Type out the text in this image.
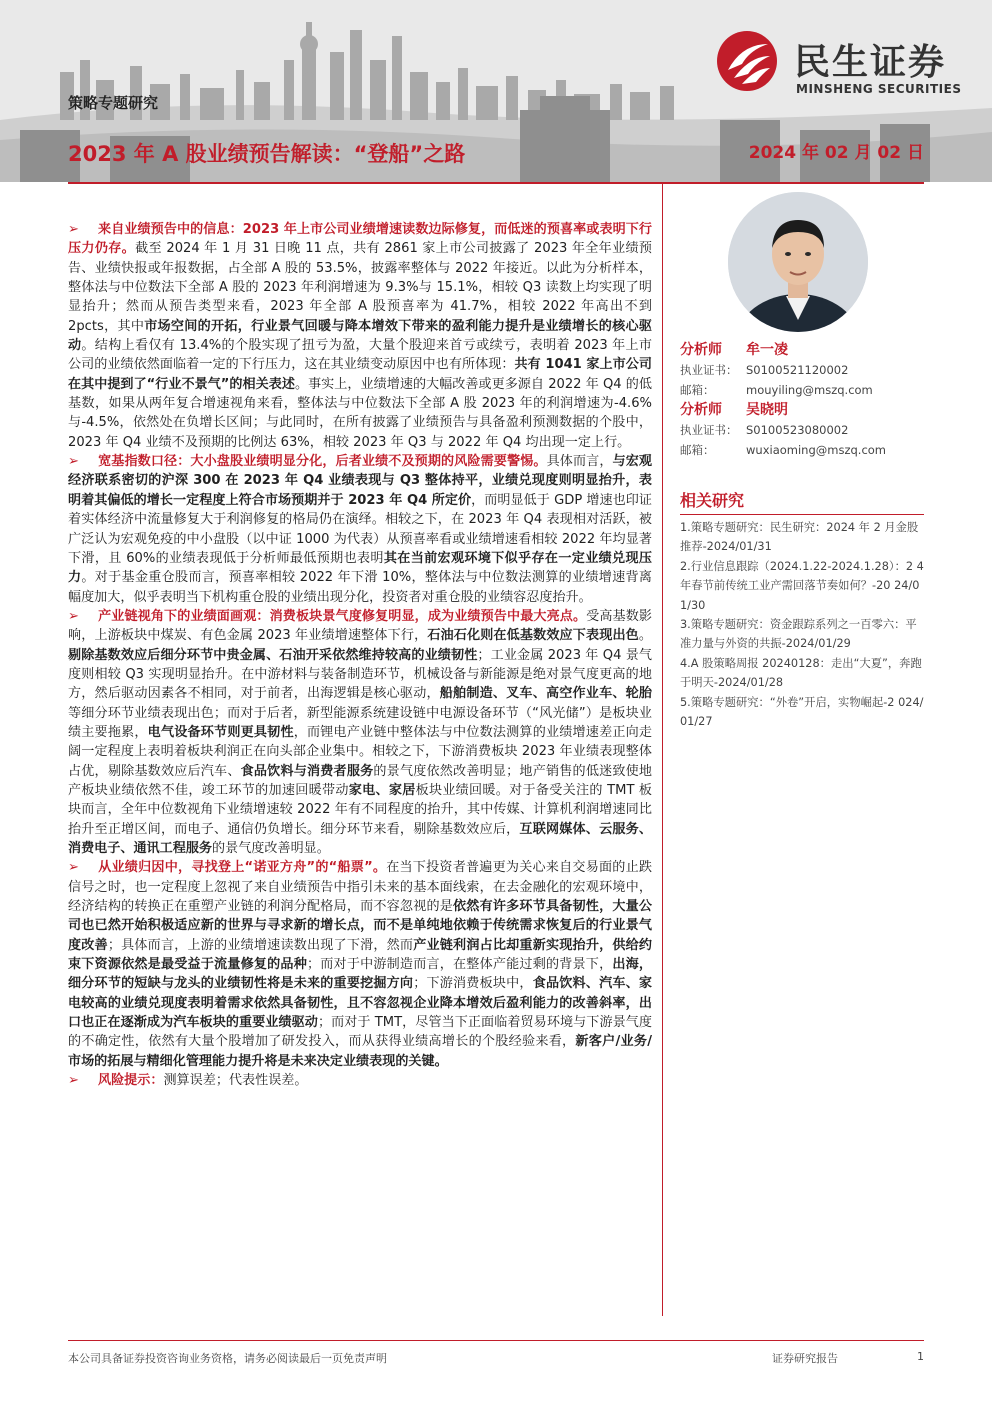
民生证券
MINSHENG SECURITIES
策略专题研究
2023 年 A 股业绩预告解读：“登船”之路	2024 年 02 月 02 日

➢ 来自业绩预告中的信息：2023 年上市公司业绩增速读数边际修复，而低迷的预喜率或表明下行压力仍存。截至 2024 年 1 月 31 日晚 11 点，共有 2861 家上市公司披露了 2023 年全年业绩预告、业绩快报或年报数据，占全部 A 股的 53.5%，披露率整体与 2022 年接近。以此为分析样本，整体法与中位数法下全部 A 股的 2023 年利润增速为 9.3%与 15.1%，相较 Q3 读数上均实现了明显抬升；然而从预告类型来看，2023 年全部 A 股预喜率为 41.7%，相较 2022 年高出不到 2pcts，其中市场空间的开拓，行业景气回暖与降本增效下带来的盈利能力提升是业绩增长的核心驱动。结构上看仅有 13.4%的个股实现了扭亏为盈，大量个股迎来首亏或续亏，表明着 2023 年上市公司的业绩依然面临着一定的下行压力，这在其业绩变动原因中也有所体现：共有 1041 家上市公司在其中提到了“行业不景气”的相关表述。事实上，业绩增速的大幅改善或更多源自 2022 年 Q4 的低基数，如果从两年复合增速视角来看，整体法与中位数法下全部 A 股 2023 年的利润增速为-4.6%与-4.5%，依然处在负增长区间；与此同时，在所有披露了业绩预告与具备盈利预测数据的个股中，2023 年 Q4 业绩不及预期的比例达 63%，相较 2023 年 Q3 与 2022 年 Q4 均出现一定上行。

➢ 宽基指数口径：大小盘股业绩明显分化，后者业绩不及预期的风险需要警惕。具体而言，与宏观经济联系密切的沪深 300 在 2023 年 Q4 业绩表现与 Q3 整体持平，业绩兑现度则明显抬升，表明着其偏低的增长一定程度上符合市场预期并于 2023 年 Q4 所定价，而明显低于 GDP 增速也印证着实体经济中流量修复大于利润修复的格局仍在演绎。相较之下，在 2023 年 Q4 表现相对活跃，被广泛认为宏观免疫的中小盘股（以中证 1000 为代表）从预喜率看或业绩增速看相较 2022 年均显著下滑，且 60%的业绩表现低于分析师最低预期也表明其在当前宏观环境下似乎存在一定业绩兑现压力。对于基金重仓股而言，预喜率相较 2022 年下滑 10%，整体法与中位数法测算的业绩增速背离幅度加大，似乎表明当下机构重仓股的业绩出现分化，投资者对重仓股的业绩容忍度抬升。

➢ 产业链视角下的业绩面画观：消费板块景气度修复明显，成为业绩预告中最大亮点。受高基数影响，上游板块中煤炭、有色金属 2023 年业绩增速整体下行，石油石化则在低基数效应下表现出色。剔除基数效应后细分环节中贵金属、石油开采依然维持较高的业绩韧性；工业金属 2023 年 Q4 景气度则相较 Q3 实现明显抬升。在中游材料与装备制造环节，机械设备与新能源是绝对景气度更高的地方，然后驱动因素各不相同，对于前者，出海逻辑是核心驱动，船舶制造、叉车、高空作业车、轮胎等细分环节业绩表现出色；而对于后者，新型能源系统建设链中电源设备环节（“风光储”）是板块业绩主要拖累，电气设备环节则更具韧性，而锂电产业链中整体法与中位数法测算的业绩增速差正向走阔一定程度上表明着板块利润正在向头部企业集中。相较之下，下游消费板块 2023 年业绩表现整体占优，剔除基数效应后汽车、食品饮料与消费者服务的景气度依然改善明显；地产销售的低迷致使地产板块业绩依然不佳，竣工环节的加速回暖带动家电、家居板块业绩回暖。对于备受关注的 TMT 板块而言，全年中位数视角下业绩增速较 2022 年有不同程度的抬升，其中传媒、计算机利润增速同比抬升至正增区间，而电子、通信仍负增长。细分环节来看，剔除基数效应后，互联网媒体、云服务、消费电子、通讯工程服务的景气度改善明显。

➢ 从业绩归因中，寻找登上“诺亚方舟”的“船票”。在当下投资者普遍更为关心来自交易面的止跌信号之时，也一定程度上忽视了来自业绩预告中指引未来的基本面线索，在去金融化的宏观环境中，经济结构的转换正在重塑产业链的利润分配格局，而不容忽视的是依然有许多环节具备韧性，大量公司也已然开始积极适应新的世界与寻求新的增长点，而不是单纯地依赖于传统需求恢复后的行业景气度改善；具体而言，上游的业绩增速读数出现了下滑，然而产业链利润占比却重新实现抬升，供给约束下资源依然是最受益于流量修复的品种；而对于中游制造而言，在整体产能过剩的背景下，出海，细分环节的短缺与龙头的业绩韧性将是未来的重要挖掘方向；下游消费板块中，食品饮料、汽车、家电较高的业绩兑现度表明着需求依然具备韧性，且不容忽视企业降本增效后盈利能力的改善斜率，出口也正在逐渐成为汽车板块的重要业绩驱动；而对于 TMT，尽管当下正面临着贸易环境与下游景气度的不确定性，依然有大量个股增加了研发投入，而从获得业绩高增长的个股经验来看，新客户/业务/市场的拓展与精细化管理能力提升将是未来决定业绩表现的关键。

➢ 风险提示：测算误差；代表性误差。

分析师 牟一凌
执业证书： S0100521120002
邮箱：	mouyiling@mszq.com
分析师 吴晓明
执业证书： S0100523080002
邮箱：	wuxiaoming@mszq.com
相关研究
1.策略专题研究：民生研究：2024 年 2 月金股推荐-2024/01/31
2.行业信息跟踪（2024.1.22-2024.1.28）：2 4 年春节前传统工业产需回落节奏如何？-20 24/01/30
3.策略专题研究：资金跟踪系列之一百零六：平准力量与外资的共振-2024/01/29
4.A 股策略周报 20240128：走出“大夏”，奔跑于明天-2024/01/28
5.策略专题研究：“外卷”开启，实物崛起-2 024/01/27
本公司具备证券投资咨询业务资格，请务必阅读最后一页免责声明	证券研究报告	1
